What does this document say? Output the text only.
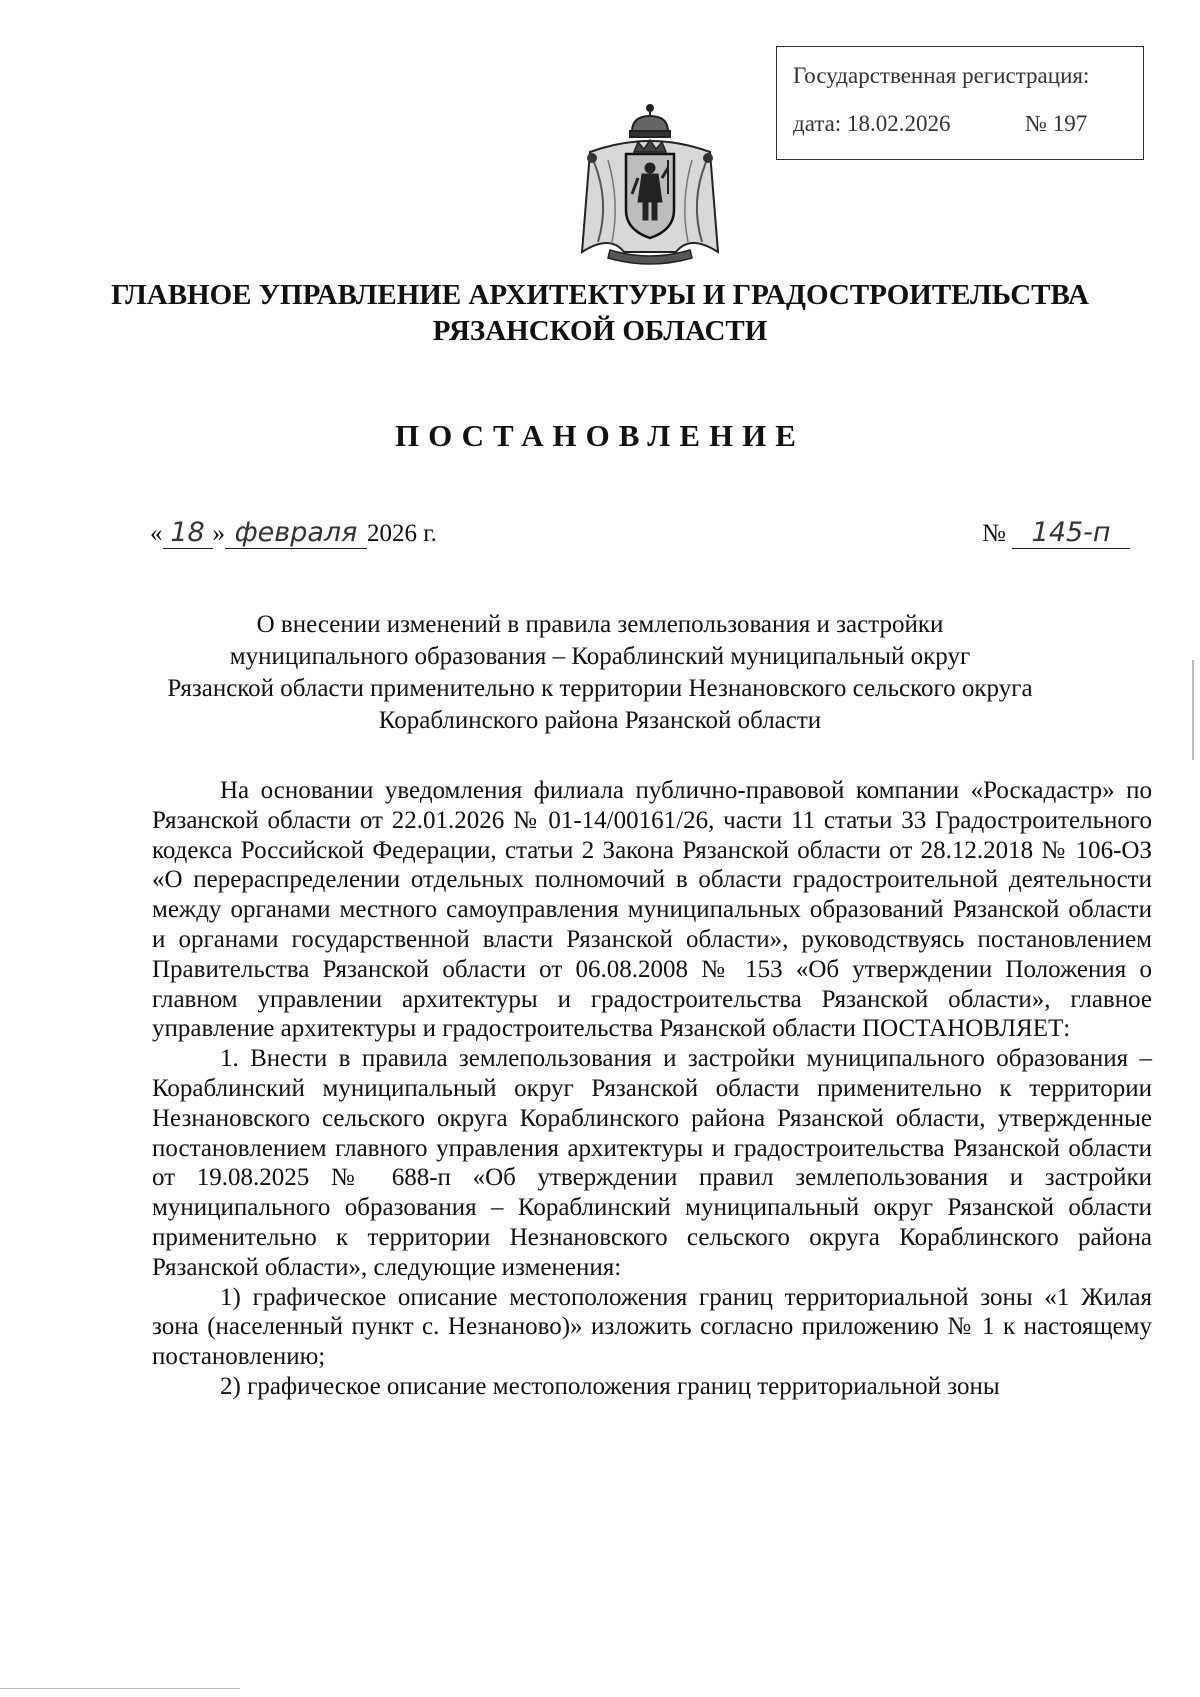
Государственная регистрация:
дата: 18.02.2026	№ 197
ГЛАВНОЕ УПРАВЛЕНИЕ АРХИТЕКТУРЫ И ГРАДОСТРОИТЕЛЬСТВА
РЯЗАНСКОЙ ОБЛАСТИ
ПОСТАНОВЛЕНИЕ
« 18 » февраля 2026 г.	№ 145-п
О внесении изменений в правила землепользования и застройки
муниципального образования – Кораблинский муниципальный округ
Рязанской области применительно к территории Незнановского сельского округа
Кораблинского района Рязанской области

На основании уведомления филиала публично-правовой компании «Роскадастр» по Рязанской области от 22.01.2026 № 01-14/00161/26, части 11 статьи 33 Градостроительного кодекса Российской Федерации, статьи 2 Закона Рязанской области от 28.12.2018 № 106-ОЗ «О перераспределении отдельных полномочий в области градостроительной деятельности между органами местного самоуправления муниципальных образований Рязанской области и органами государственной власти Рязанской области», руководствуясь постановлением Правительства Рязанской области от 06.08.2008 № 153 «Об утверждении Положения о главном управлении архитектуры и градостроительства Рязанской области», главное управление архитектуры и градостроительства Рязанской области ПОСТАНОВЛЯЕТ:

1. Внести в правила землепользования и застройки муниципального образования – Кораблинский муниципальный округ Рязанской области применительно к территории Незнановского сельского округа Кораблинского района Рязанской области, утвержденные постановлением главного управления архитектуры и градостроительства Рязанской области от 19.08.2025 № 688-п «Об утверждении правил землепользования и застройки муниципального образования – Кораблинский муниципальный округ Рязанской области применительно к территории Незнановского сельского округа Кораблинского района Рязанской области», следующие изменения:

1) графическое описание местоположения границ территориальной зоны «1 Жилая зона (населенный пункт с. Незнаново)» изложить согласно приложению № 1 к настоящему постановлению;

2) графическое описание местоположения границ территориальной зоны
